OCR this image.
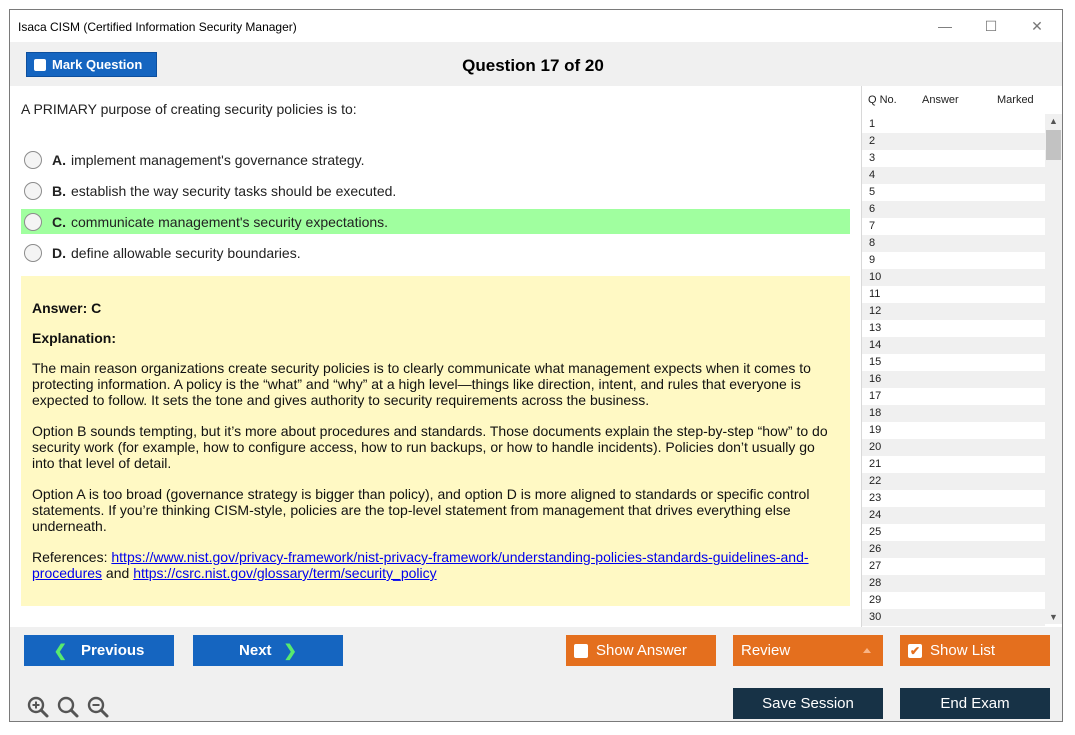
Isaca CISM (Certified Information Security Manager)	—	☐	✕
Mark Question	Question 17 of 20
A PRIMARY purpose of creating security policies is to:
A. implement management's governance strategy.
B. establish the way security tasks should be executed.
C. communicate management's security expectations.
D. define allowable security boundaries.
Answer: C
Explanation:

The main reason organizations create security policies is to clearly communicate what management expects when it comes to protecting information. A policy is the “what” and “why” at a high level—things like direction, intent, and rules that everyone is expected to follow. It sets the tone and gives authority to security requirements across the business.

Option B sounds tempting, but it’s more about procedures and standards. Those documents explain the step-by-step “how” to do security work (for example, how to configure access, how to run backups, or how to handle incidents). Policies don’t usually go into that level of detail.

Option A is too broad (governance strategy is bigger than policy), and option D is more aligned to standards or specific control statements. If you’re thinking CISM-style, policies are the top-level statement from management that drives everything else underneath.

References: https://www.nist.gov/privacy-framework/nist-privacy-framework/understanding-policies-standards-guidelines-and-procedures and https://csrc.nist.gov/glossary/term/security_policy

Q No. Answer	Marked
1
2
3
4
5
6
7
8
9
10
11
12
13
14
15
16
17
18
19
20
21
22
23
24
25
26
27
28
29
30
▲
▼
❮ Previous	Next ❯	Show Answer	Review	✔ Show List
Save Session	End Exam
